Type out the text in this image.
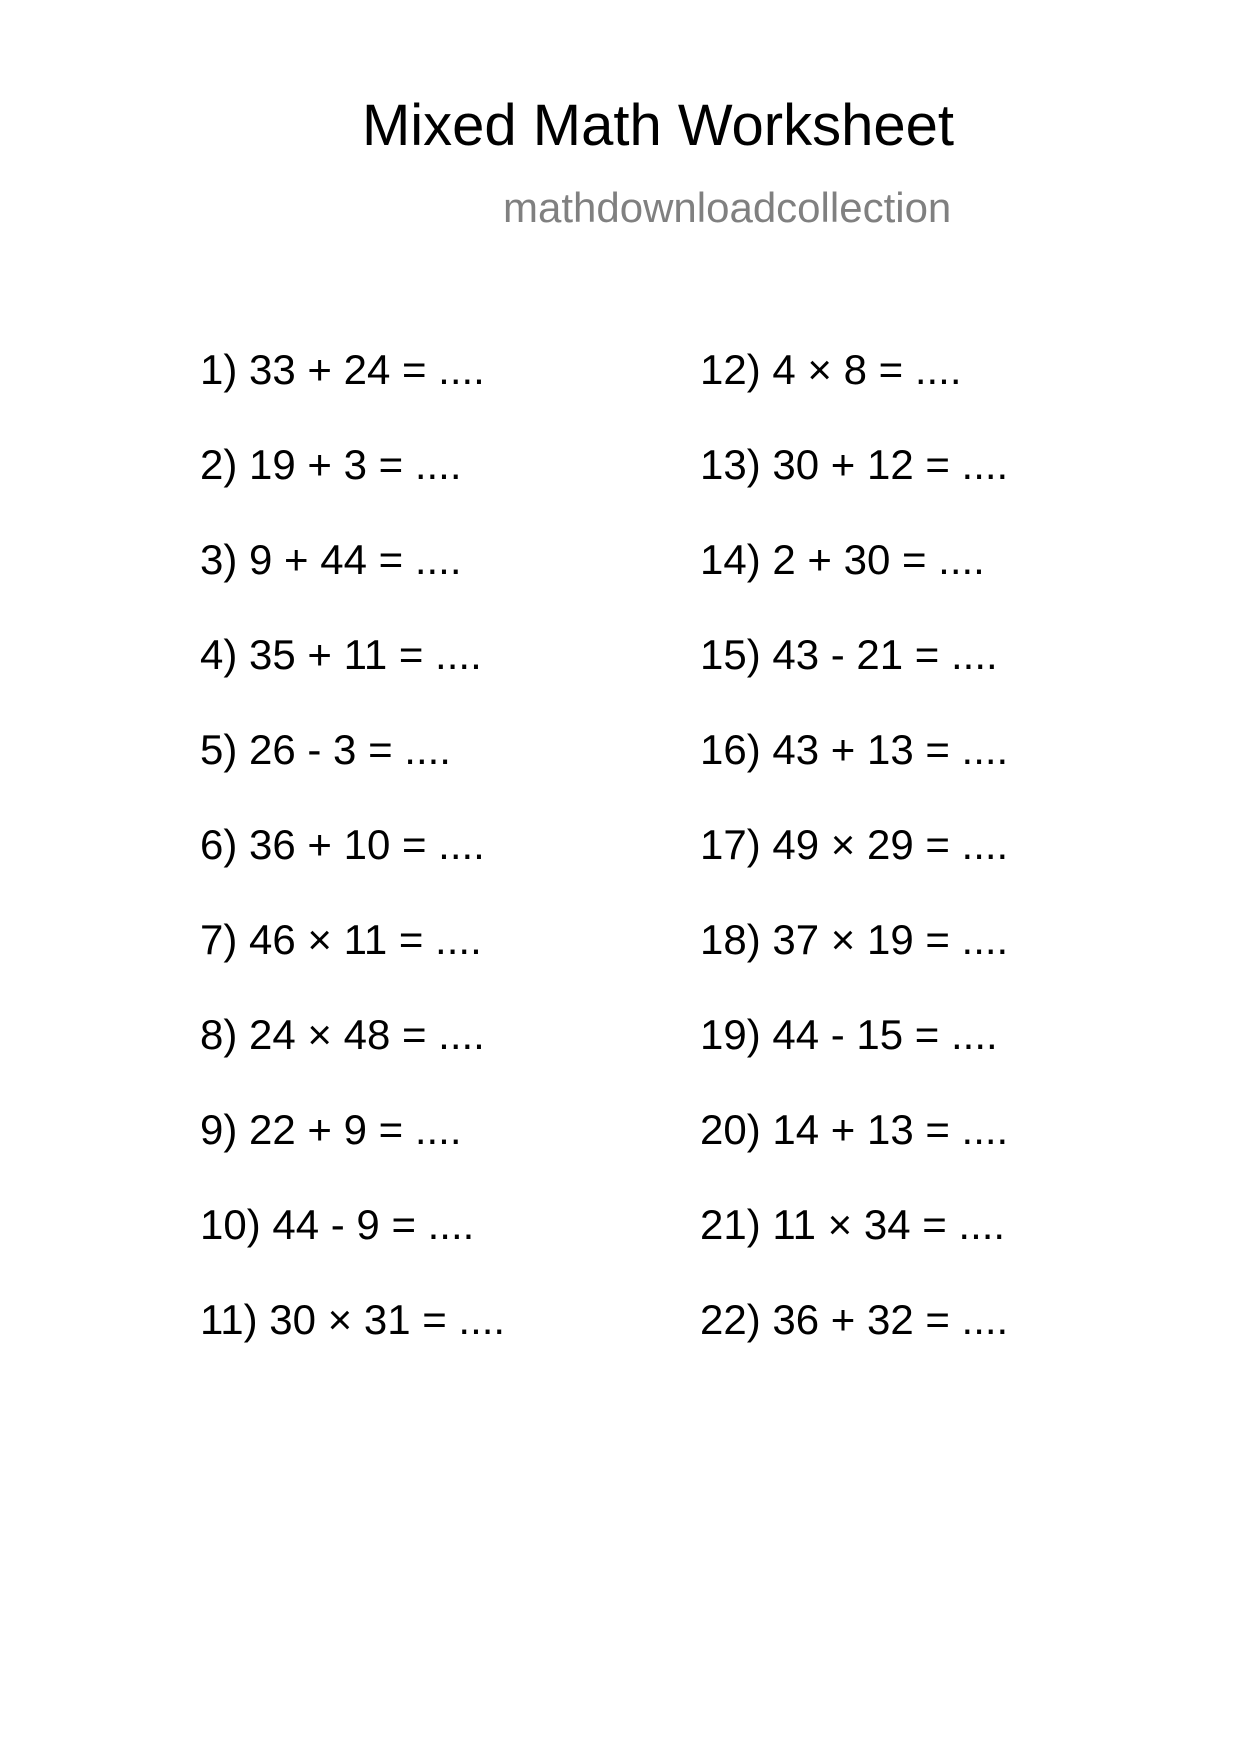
Mixed Math Worksheet
mathdownloadcollection
1) 33 + 24 = ....
2) 19 + 3 = ....
3) 9 + 44 = ....
4) 35 + 11 = ....
5) 26 - 3 = ....
6) 36 + 10 = ....
7) 46 × 11 = ....
8) 24 × 48 = ....
9) 22 + 9 = ....
10) 44 - 9 = ....
11) 30 × 31 = ....
12) 4 × 8 = ....
13) 30 + 12 = ....
14) 2 + 30 = ....
15) 43 - 21 = ....
16) 43 + 13 = ....
17) 49 × 29 = ....
18) 37 × 19 = ....
19) 44 - 15 = ....
20) 14 + 13 = ....
21) 11 × 34 = ....
22) 36 + 32 = ....
